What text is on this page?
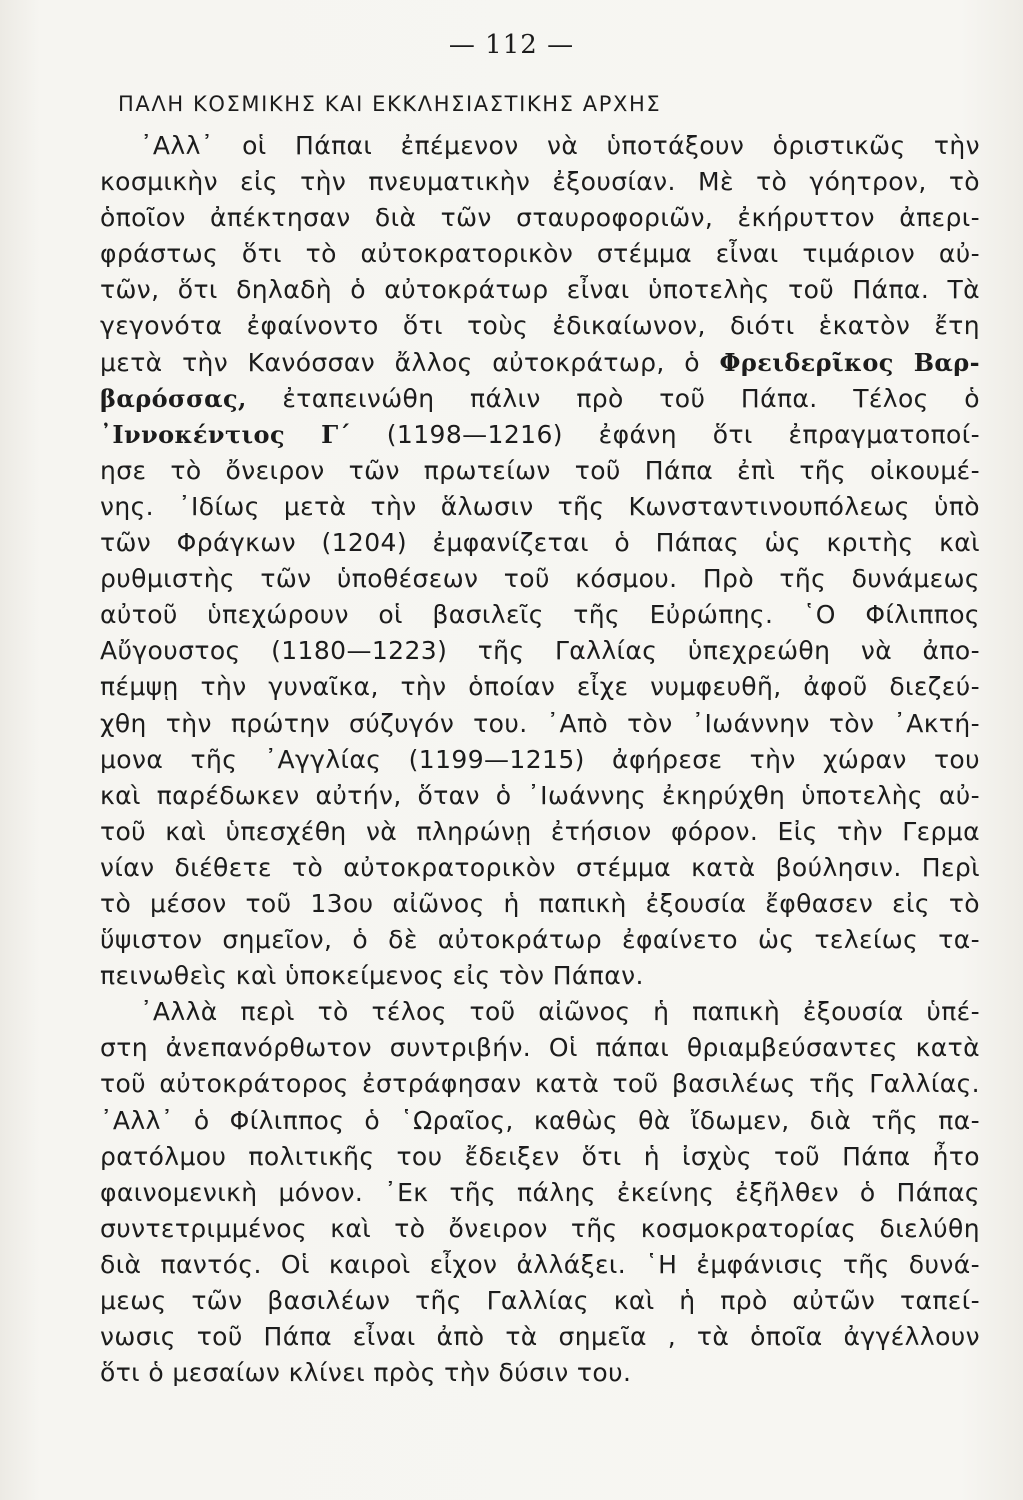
— 112 —
ΠΑΛΗ ΚΟΣΜΙΚΗΣ ΚΑΙ ΕΚΚΛΗΣΙΑΣΤΙΚΗΣ ΑΡΧΗΣ
᾿Αλλ᾿ οἱ Πάπαι ἐπέμενον νὰ ὑποτάξουν ὁριστικῶς τὴν
κοσμικὴν εἰς τὴν πνευματικὴν ἐξουσίαν. Μὲ τὸ γόητρον, τὸ
ὁποῖον ἀπέκτησαν διὰ τῶν σταυροφοριῶν, ἐκήρυττον ἀπερι-
φράστως ὅτι τὸ αὐτοκρατορικὸν στέμμα εἶναι τιμάριον αὐ-
τῶν, ὅτι δηλαδὴ ὁ αὐτοκράτωρ εἶναι ὑποτελὴς τοῦ Πάπα. Τὰ
γεγονότα ἐφαίνοντο ὅτι τοὺς ἐδικαίωνον, διότι ἑκατὸν ἔτη
μετὰ τὴν Κανόσσαν ἄλλος αὐτοκράτωρ, ὁ Φρειδερῖκος Βαρ-
βαρόσσας, ἐταπεινώθη πάλιν πρὸ τοῦ Πάπα. Τέλος ὁ
᾿Ιννοκέντιος Γ΄ (1198—1216) ἐφάνη ὅτι ἐπραγματοποί-
ησε τὸ ὄνειρον τῶν πρωτείων τοῦ Πάπα ἐπὶ τῆς οἰκουμέ-
νης. ᾿Ιδίως μετὰ τὴν ἅλωσιν τῆς Κωνσταντινουπόλεως ὑπὸ
τῶν Φράγκων (1204) ἐμφανίζεται ὁ Πάπας ὡς κριτὴς καὶ
ρυθμιστὴς τῶν ὑποθέσεων τοῦ κόσμου. Πρὸ τῆς δυνάμεως
αὐτοῦ ὑπεχώρουν οἱ βασιλεῖς τῆς Εὐρώπης. ῾Ο Φίλιππος
Αὔγουστος (1180—1223) τῆς Γαλλίας ὑπεχρεώθη νὰ ἀπο-
πέμψῃ τὴν γυναῖκα, τὴν ὁποίαν εἶχε νυμφευθῆ, ἀφοῦ διεζεύ-
χθη τὴν πρώτην σύζυγόν του. ᾿Απὸ τὸν ᾿Ιωάννην τὸν ᾿Ακτή-
μονα τῆς ᾿Αγγλίας (1199—1215) ἀφήρεσε τὴν χώραν του
καὶ παρέδωκεν αὐτήν, ὅταν ὁ ᾿Ιωάννης ἐκηρύχθη ὑποτελὴς αὐ-
τοῦ καὶ ὑπεσχέθη νὰ πληρώνῃ ἐτήσιον φόρον. Εἰς τὴν Γερμα
νίαν διέθετε τὸ αὐτοκρατορικὸν στέμμα κατὰ βούλησιν. Περὶ
τὸ μέσον τοῦ 13ου αἰῶνος ἡ παπικὴ ἐξουσία ἔφθασεν εἰς τὸ
ὕψιστον σημεῖον, ὁ δὲ αὐτοκράτωρ ἐφαίνετο ὡς τελείως τα-
πεινωθεὶς καὶ ὑποκείμενος εἰς τὸν Πάπαν.
᾿Αλλὰ περὶ τὸ τέλος τοῦ αἰῶνος ἡ παπικὴ ἐξουσία ὑπέ-
στη ἀνεπανόρθωτον συντριβήν. Οἱ πάπαι θριαμβεύσαντες κατὰ
τοῦ αὐτοκράτορος ἐστράφησαν κατὰ τοῦ βασιλέως τῆς Γαλλίας.
᾿Αλλ᾿ ὁ Φίλιππος ὁ ῾Ωραῖος, καθὼς θὰ ἴδωμεν, διὰ τῆς πα-
ρατόλμου πολιτικῆς του ἔδειξεν ὅτι ἡ ἰσχὺς τοῦ Πάπα ἦτο
φαινομενικὴ μόνον. ᾿Εκ τῆς πάλης ἐκείνης ἐξῆλθεν ὁ Πάπας
συντετριμμένος καὶ τὸ ὄνειρον τῆς κοσμοκρατορίας διελύθη
διὰ παντός. Οἱ καιροὶ εἶχον ἀλλάξει. ῾Η ἐμφάνισις τῆς δυνά-
μεως τῶν βασιλέων τῆς Γαλλίας καὶ ἡ πρὸ αὐτῶν ταπεί-
νωσις τοῦ Πάπα εἶναι ἀπὸ τὰ σημεῖα , τὰ ὁποῖα ἀγγέλλουν
ὅτι ὁ μεσαίων κλίνει πρὸς τὴν δύσιν του.
